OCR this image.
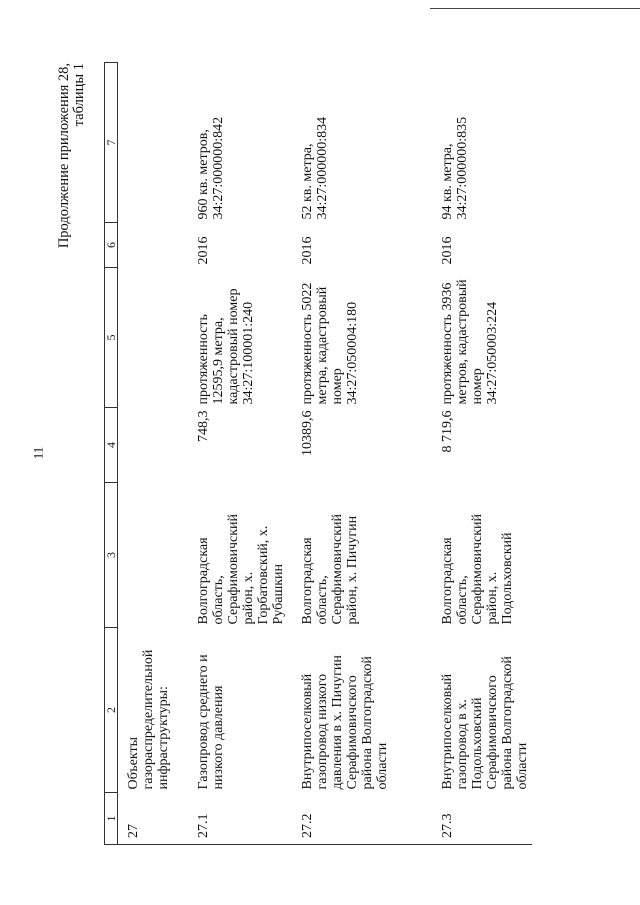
11
Продолжение приложения 28, таблицы 1
1	2	3	4	5	6	7
27	Объекты газораспределительной инфраструктуры:					
27.1	Газопровод среднего и низкого давления	Волгоградская область, Серафимовичский район, х. Горбатовский, х. Рубашкин	748,3	протяженность 12595,9 метра, кадастровый номер 34:27:100001:240	2016	960 кв. метров, 34:27:000000:842
27.2	Внутрипоселковый газопровод низкого давления в х. Пичугин Серафимовичского района Волгоградской области	Волгоградская область, Серафимовичский район, х. Пичугин	10389,6	протяженность 5022 метра, кадастровый номер 34:27:050004:180	2016	52 кв. метра, 34:27:000000:834
27.3	Внутрипоселковый газопровод в х. Подольховский Серафимовичского района Волгоградской области	Волгоградская область, Серафимовичский район, х. Подольховский	8 719,6	протяженность 3936 метров, кадастровый номер 34:27:050003:224	2016	94 кв. метра, 34:27:000000:835
